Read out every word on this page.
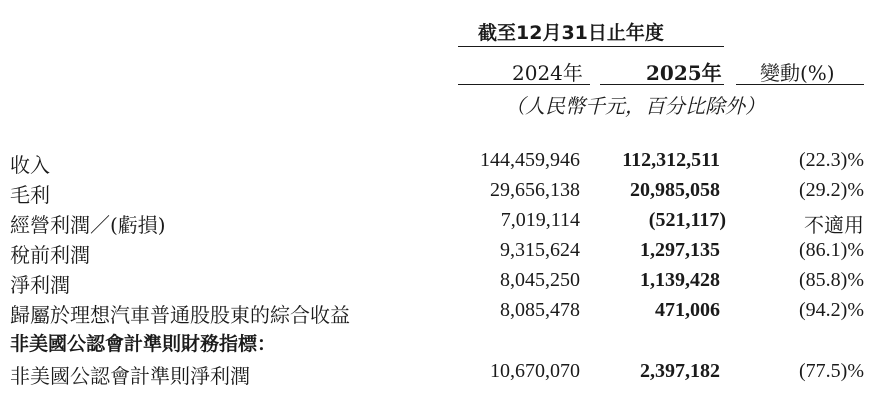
截至12月31日止年度
2024年	2025年 變動(%)
（人民幣千元，百分比除外）
收入	144,459,946	112,312,511	(22.3)%
毛利	29,656,138	20,985,058	(29.2)%
經營利潤／(虧損)	7,019,114	(521,117)	不適用
稅前利潤	9,315,624	1,297,135	(86.1)%
淨利潤	8,045,250	1,139,428	(85.8)%
歸屬於理想汽車普通股股東的綜合收益	8,085,478	471,006	(94.2)%
非美國公認會計準則財務指標：
非美國公認會計準則淨利潤	10,670,070	2,397,182	(77.5)%
